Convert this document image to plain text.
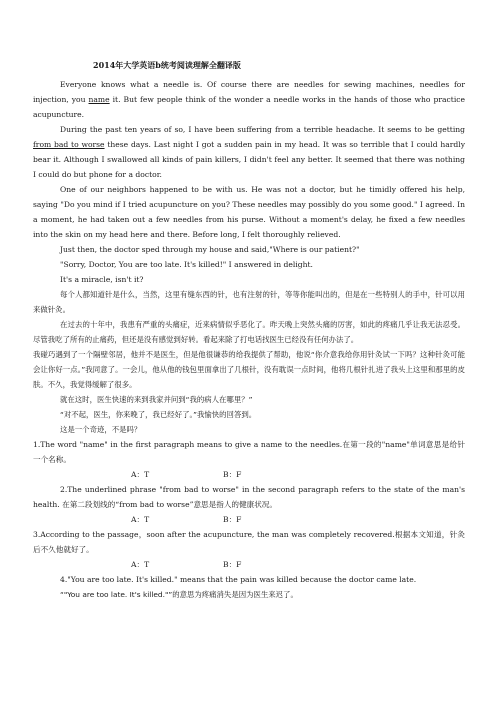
2014年大学英语b统考阅读理解全翻译版

Everyone knows what a needle is. Of course there are needles for sewing machines, needles for injection, you name it. But few people think of the wonder a needle works in the hands of those who practice acupuncture.

During the past ten years of so, I have been suffering from a terrible headache. It seems to be getting from bad to worse these days. Last night I got a sudden pain in my head. It was so terrible that I could hardly bear it. Although I swallowed all kinds of pain killers, I didn't feel any better. It seemed that there was nothing I could do but phone for a doctor.

One of our neighbors happened to be with us. He was not a doctor, but he timidly offered his help, saying "Do you mind if I tried acupuncture on you? These needles may possibly do you some good." I agreed. In a moment, he had taken out a few needles from his purse. Without a moment's delay, he fixed a few needles into the skin on my head here and there. Before long, I felt thoroughly relieved.

Just then, the doctor sped through my house and said,"Where is our patient?"

"Sorry, Doctor, You are too late. It's killed!" I answered in delight.

It's a miracle, isn't it?

每个人都知道针是什么，当然，这里有缝东西的针，也有注射的针，等等你能叫出的，但是在一些特别人的手中，针可以用来做针灸。

在过去的十年中，我患有严重的头痛症，近来病情似乎恶化了。昨天晚上突然头痛的厉害，如此的疼痛几乎让我无法忍受。尽管我吃了所有的止痛药，但还是没有感觉到好转。看起来除了打电话找医生已经没有任何办法了。

我碰巧遇到了一个隔壁邻居，他并不是医生，但是他很谦恭的给我提供了帮助，他说“你介意我给你用针灸试一下吗？这种针灸可能会让你好一点。”我同意了。一会儿，他从他的钱包里面拿出了几根针，没有耽误一点时间，他将几根针扎进了我头上这里和那里的皮肤。不久，我觉得缓解了很多。

就在这时，医生快速的来到我家并问到“我的病人在哪里？”

“对不起，医生，你来晚了，我已经好了。”我愉快的回答到。

这是一个奇迹，不是吗？

1.The word "name" in the first paragraph means to give a name to the needles.在第一段的"name"单词意思是给针一个名称。

A：T	B：F

2.The underlined phrase "from bad to worse" in the second paragraph refers to the state of the man's health. 在第二段划线的“from bad to worse”意思是指人的健康状况。

A：T	B：F

3.According to the passage，soon after the acupuncture, the man was completely recovered.根据本文知道，针灸后不久他就好了。

A：T	B：F

4."You are too late. It's killed." means that the pain was killed because the doctor came late.

“"You are too late. It's killed."”的意思为疼痛消失是因为医生来迟了。
